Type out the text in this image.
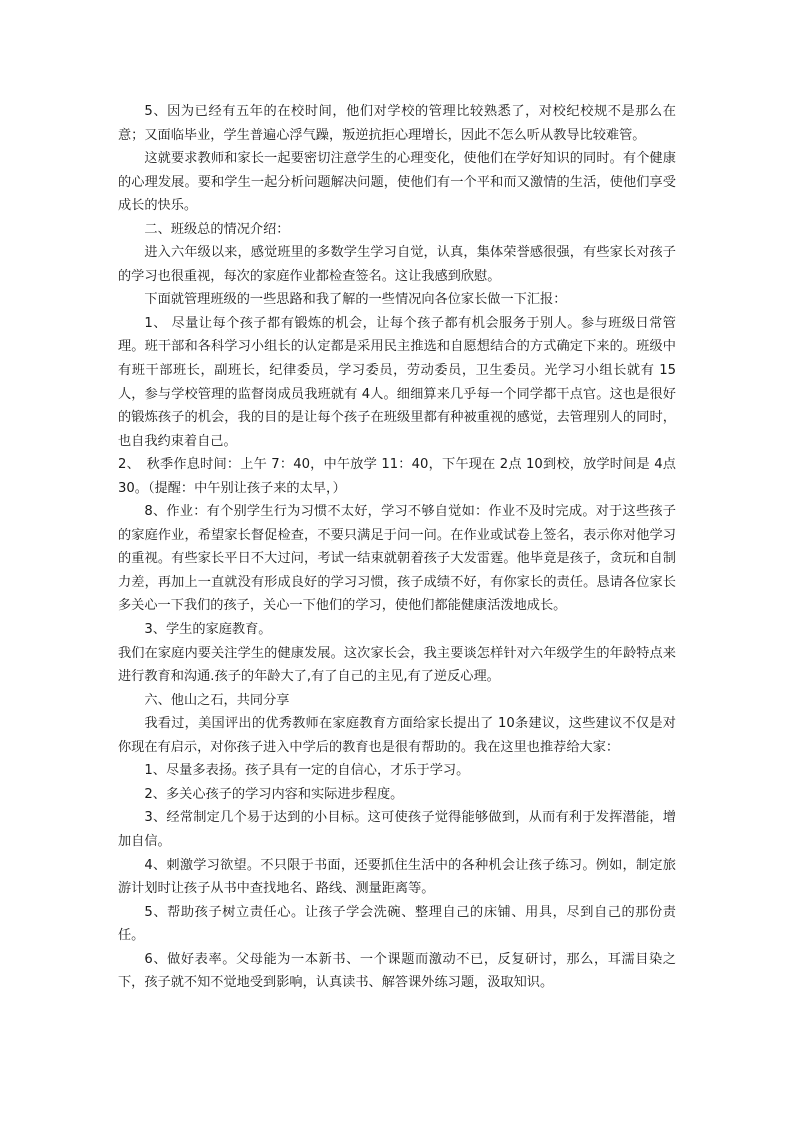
5、因为已经有五年的在校时间，他们对学校的管理比较熟悉了，对校纪校规不是那么在意；又面临毕业，学生普遍心浮气躁，叛逆抗拒心理增长，因此不怎么听从教导比较难管。

这就要求教师和家长一起要密切注意学生的心理变化，使他们在学好知识的同时。有个健康的心理发展。要和学生一起分析问题解决问题，使他们有一个平和而又激情的生活，使他们享受成长的快乐。

二、班级总的情况介绍：

进入六年级以来，感觉班里的多数学生学习自觉，认真，集体荣誉感很强，有些家长对孩子的学习也很重视，每次的家庭作业都检查签名。这让我感到欣慰。

下面就管理班级的一些思路和我了解的一些情况向各位家长做一下汇报：

1、 尽量让每个孩子都有锻炼的机会，让每个孩子都有机会服务于别人。参与班级日常管理。班干部和各科学习小组长的认定都是采用民主推选和自愿想结合的方式确定下来的。班级中有班干部班长，副班长，纪律委员，学习委员，劳动委员，卫生委员。光学习小组长就有 15人，参与学校管理的监督岗成员我班就有 4人。细细算来几乎每一个同学都干点官。这也是很好的锻炼孩子的机会，我的目的是让每个孩子在班级里都有种被重视的感觉，去管理别人的同时，也自我约束着自己。

2、　秋季作息时间：上午 7：40，中午放学 11：40，下午现在 2点 10到校，放学时间是 4点 30。（提醒：中午别让孩子来的太早，）

8、作业：有个别学生行为习惯不太好，学习不够自觉如：作业不及时完成。对于这些孩子的家庭作业，希望家长督促检查，不要只满足于问一问。在作业或试卷上签名，表示你对他学习的重视。有些家长平日不大过问，考试一结束就朝着孩子大发雷霆。他毕竟是孩子，贪玩和自制力差，再加上一直就没有形成良好的学习习惯，孩子成绩不好，有你家长的责任。恳请各位家长多关心一下我们的孩子，关心一下他们的学习，使他们都能健康活泼地成长。

3、学生的家庭教育。

我们在家庭内要关注学生的健康发展。这次家长会，我主要谈怎样针对六年级学生的年龄特点来进行教育和沟通.孩子的年龄大了,有了自己的主见,有了逆反心理。

六、他山之石，共同分享

我看过，美国评出的优秀教师在家庭教育方面给家长提出了 10条建议，这些建议不仅是对你现在有启示，对你孩子进入中学后的教育也是很有帮助的。我在这里也推荐给大家：

1、尽量多表扬。孩子具有一定的自信心，才乐于学习。

2、多关心孩子的学习内容和实际进步程度。

3、经常制定几个易于达到的小目标。这可使孩子觉得能够做到，从而有利于发挥潜能，增加自信。

4、刺激学习欲望。不只限于书面，还要抓住生活中的各种机会让孩子练习。例如，制定旅游计划时让孩子从书中查找地名、路线、测量距离等。

5、帮助孩子树立责任心。让孩子学会洗碗、整理自己的床铺、用具，尽到自己的那份责任。

6、做好表率。父母能为一本新书、一个课题而激动不已，反复研讨，那么，耳濡目染之下，孩子就不知不觉地受到影响，认真读书、解答课外练习题，汲取知识。
